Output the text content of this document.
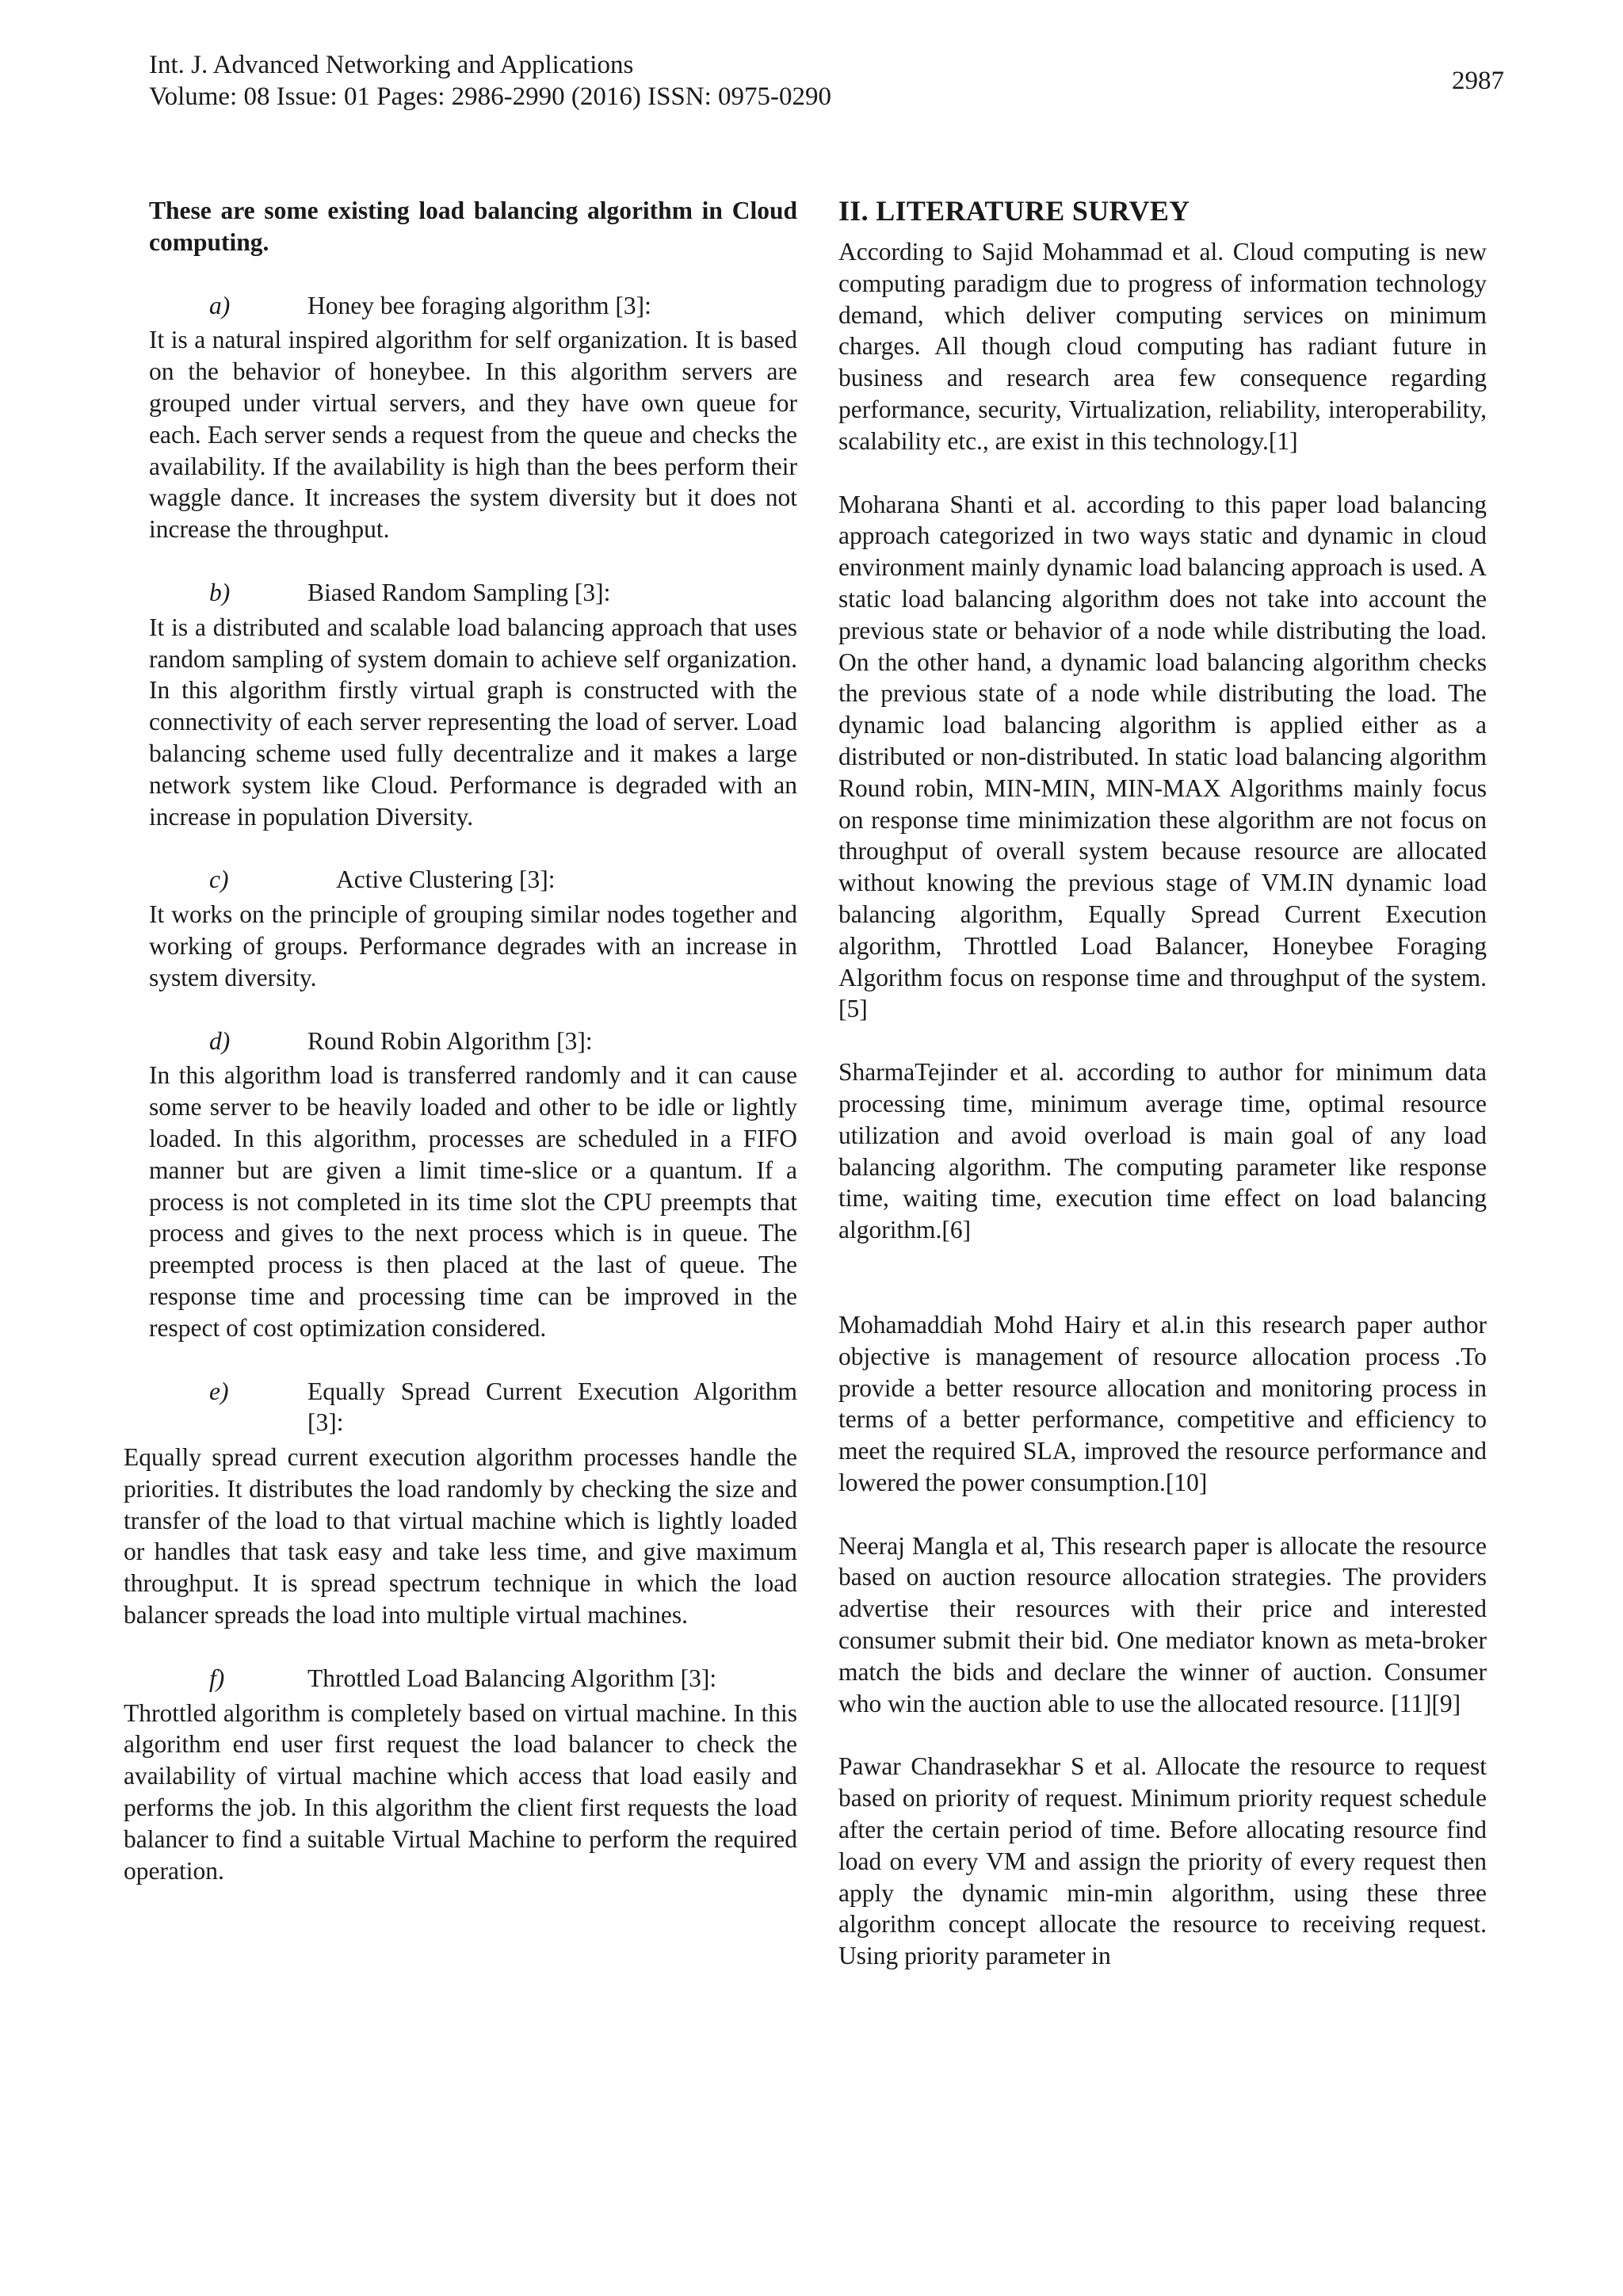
Int. J. Advanced Networking and Applications
Volume: 08 Issue: 01 Pages: 2986-2990 (2016) ISSN: 0975-0290
2987

These are some existing load balancing algorithm in Cloud computing.

a)	Honey bee foraging algorithm [3]:

It is a natural inspired algorithm for self organization. It is based on the behavior of honeybee. In this algorithm servers are grouped under virtual servers, and they have own queue for each. Each server sends a request from the queue and checks the availability. If the availability is high than the bees perform their waggle dance. It increases the system diversity but it does not increase the throughput.

b)	Biased Random Sampling [3]:

It is a distributed and scalable load balancing approach that uses random sampling of system domain to achieve self organization. In this algorithm firstly virtual graph is constructed with the connectivity of each server representing the load of server. Load balancing scheme used fully decentralize and it makes a large network system like Cloud. Performance is degraded with an increase in population Diversity.

c)	Active Clustering [3]:

It works on the principle of grouping similar nodes together and working of groups. Performance degrades with an increase in system diversity.

d)	Round Robin Algorithm [3]:

In this algorithm load is transferred randomly and it can cause some server to be heavily loaded and other to be idle or lightly loaded. In this algorithm, processes are scheduled in a FIFO manner but are given a limit time-slice or a quantum. If a process is not completed in its time slot the CPU preempts that process and gives to the next process which is in queue. The preempted process is then placed at the last of queue. The response time and processing time can be improved in the respect of cost optimization considered.

e)	Equally Spread Current Execution Algorithm [3]:

Equally spread current execution algorithm processes handle the priorities. It distributes the load randomly by checking the size and transfer of the load to that virtual machine which is lightly loaded or handles that task easy and take less time, and give maximum throughput. It is spread spectrum technique in which the load balancer spreads the load into multiple virtual machines.

f)	Throttled Load Balancing Algorithm [3]:

Throttled algorithm is completely based on virtual machine. In this algorithm end user first request the load balancer to check the availability of virtual machine which access that load easily and performs the job. In this algorithm the client first requests the load balancer to find a suitable Virtual Machine to perform the required operation.

II. LITERATURE SURVEY

According to Sajid Mohammad et al. Cloud computing is new computing paradigm due to progress of information technology demand, which deliver computing services on minimum charges. All though cloud computing has radiant future in business and research area few consequence regarding performance, security, Virtualization, reliability, interoperability, scalability etc., are exist in this technology.[1]

Moharana Shanti et al. according to this paper load balancing approach categorized in two ways static and dynamic in cloud environment mainly dynamic load balancing approach is used. A static load balancing algorithm does not take into account the previous state or behavior of a node while distributing the load. On the other hand, a dynamic load balancing algorithm checks the previous state of a node while distributing the load. The dynamic load balancing algorithm is applied either as a distributed or non-distributed. In static load balancing algorithm Round robin, MIN-MIN, MIN-MAX Algorithms mainly focus on response time minimization these algorithm are not focus on throughput of overall system because resource are allocated without knowing the previous stage of VM.IN dynamic load balancing algorithm, Equally Spread Current Execution algorithm, Throttled Load Balancer, Honeybee Foraging Algorithm focus on response time and throughput of the system.[5]

SharmaTejinder et al. according to author for minimum data processing time, minimum average time, optimal resource utilization and avoid overload is main goal of any load balancing algorithm. The computing parameter like response time, waiting time, execution time effect on load balancing algorithm.[6]

Mohamaddiah Mohd Hairy et al.in this research paper author objective is management of resource allocation process .To provide a better resource allocation and monitoring process in terms of a better performance, competitive and efficiency to meet the required SLA, improved the resource performance and lowered the power consumption.[10]

Neeraj Mangla et al, This research paper is allocate the resource based on auction resource allocation strategies. The providers advertise their resources with their price and interested consumer submit their bid. One mediator known as meta-broker match the bids and declare the winner of auction. Consumer who win the auction able to use the allocated resource. [11][9]

Pawar Chandrasekhar S et al. Allocate the resource to request based on priority of request. Minimum priority request schedule after the certain period of time. Before allocating resource find load on every VM and assign the priority of every request then apply the dynamic min-min algorithm, using these three algorithm concept allocate the resource to receiving request. Using priority parameter in
